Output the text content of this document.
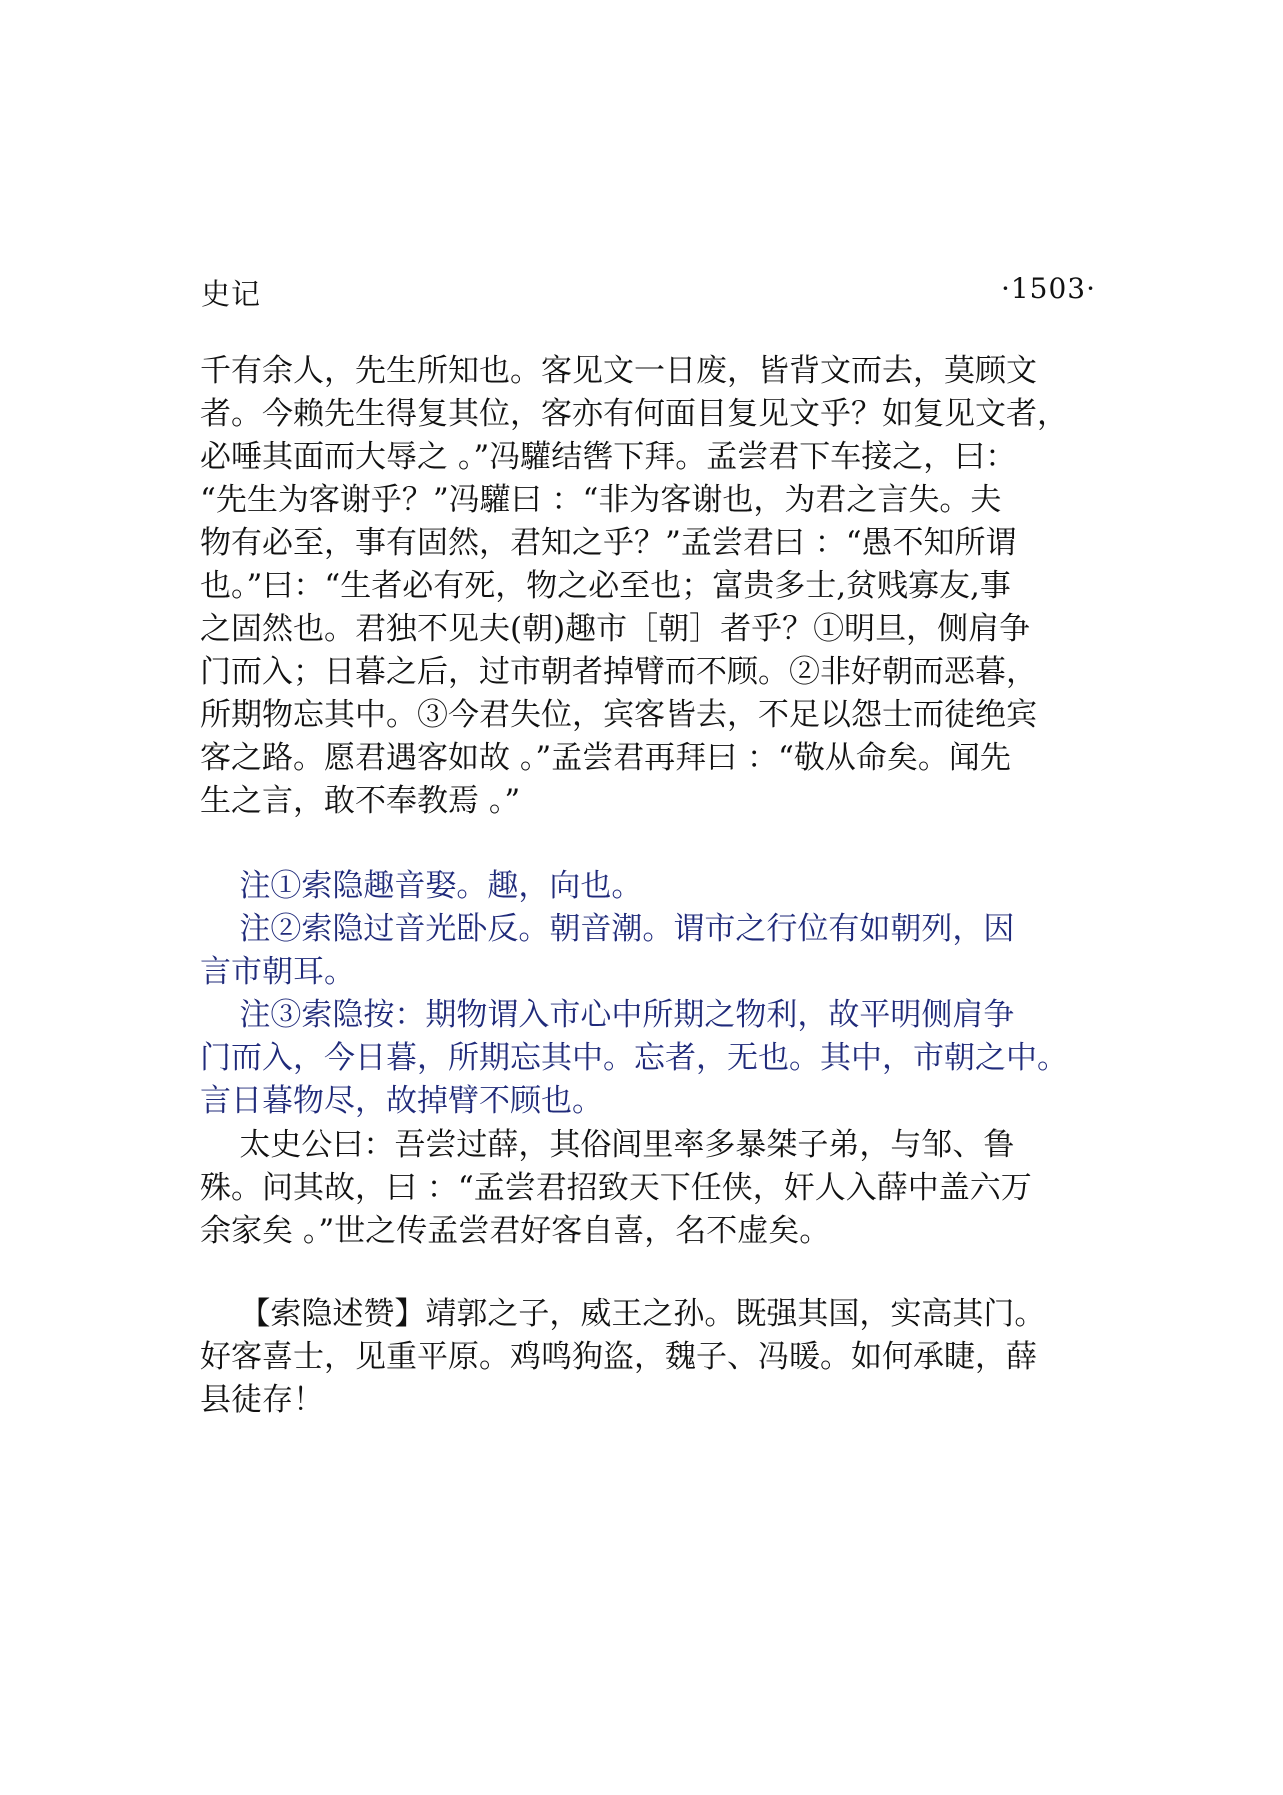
史记	·1503·
千有余人，先生所知也。客见文一日废，皆背文而去，莫顾文
者。今赖先生得复其位，客亦有何面目复见文乎？如复见文者，
必唾其面而大辱之 。”冯驩结辔下拜。孟尝君下车接之，曰：
“先生为客谢乎？”冯驩曰 ：“非为客谢也，为君之言失。夫
物有必至，事有固然，君知之乎？”孟尝君曰 ：“愚不知所谓
也。”曰：“生者必有死，物之必至也；富贵多士,贫贱寡友,事
之固然也。君独不见夫(朝)趣市［朝］者乎？①明旦，侧肩争
门而入；日暮之后，过市朝者掉臂而不顾。②非好朝而恶暮，
所期物忘其中。③今君失位，宾客皆去，不足以怨士而徒绝宾
客之路。愿君遇客如故 。”孟尝君再拜曰 ：“敬从命矣。闻先
生之言，敢不奉教焉 。”
注①索隐趣音娶。趣，向也。
注②索隐过音光卧反。朝音潮。谓市之行位有如朝列，因
言市朝耳。
注③索隐按：期物谓入市心中所期之物利，故平明侧肩争
门而入，今日暮，所期忘其中。忘者，无也。其中，市朝之中。
言日暮物尽，故掉臂不顾也。
太史公曰：吾尝过薛，其俗闾里率多暴桀子弟，与邹、鲁
殊。问其故，曰 ：“孟尝君招致天下任侠，奸人入薛中盖六万
余家矣 。”世之传孟尝君好客自喜，名不虚矣。
【索隐述赞】靖郭之子，威王之孙。既强其国，实高其门。
好客喜士，见重平原。鸡鸣狗盗，魏子、冯暖。如何承睫，薛
县徒存！
